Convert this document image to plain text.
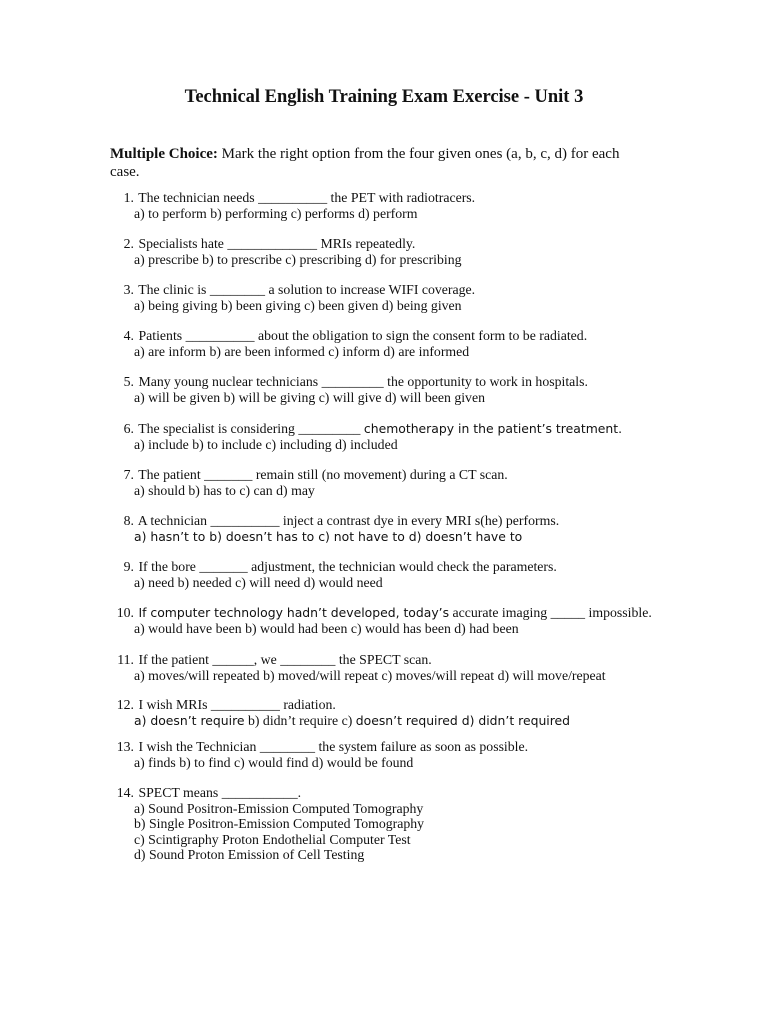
Technical English Training Exam Exercise - Unit 3

Multiple Choice: Mark the right option from the four given ones (a, b, c, d) for each case.

1. The technician needs __________ the PET with radiotracers.
a) to perform b) performing c) performs d) perform
2. Specialists hate _____________ MRIs repeatedly.
a) prescribe b) to prescribe c) prescribing d) for prescribing
3. The clinic is ________ a solution to increase WIFI coverage.
a) being giving b) been giving c) been given d) being given
4. Patients __________ about the obligation to sign the consent form to be radiated.
a) are inform b) are been informed c) inform d) are informed
5. Many young nuclear technicians _________ the opportunity to work in hospitals.
a) will be given b) will be giving c) will give d) will been given
6. The specialist is considering _________ chemotherapy in the patient’s treatment.
a) include b) to include c) including d) included
7. The patient _______ remain still (no movement) during a CT scan.
a) should b) has to c) can d) may
8. A technician __________ inject a contrast dye in every MRI s(he) performs.
a) hasn’t to b) doesn’t has to c) not have to d) doesn’t have to
9. If the bore _______ adjustment, the technician would check the parameters.
a) need b) needed c) will need d) would need
10. If computer technology hadn’t developed, today’s accurate imaging _____ impossible.
a) would have been b) would had been c) would has been d) had been
11. If the patient ______, we ________ the SPECT scan.
a) moves/will repeated b) moved/will repeat c) moves/will repeat d) will move/repeat
12. I wish MRIs __________ radiation.
a) doesn’t require b) didn’t require c) doesn’t required d) didn’t required
13. I wish the Technician ________ the system failure as soon as possible.
a) finds b) to find c) would find d) would be found
14. SPECT means ___________.
a) Sound Positron-Emission Computed Tomography
b) Single Positron-Emission Computed Tomography
c) Scintigraphy Proton Endothelial Computer Test
d) Sound Proton Emission of Cell Testing
